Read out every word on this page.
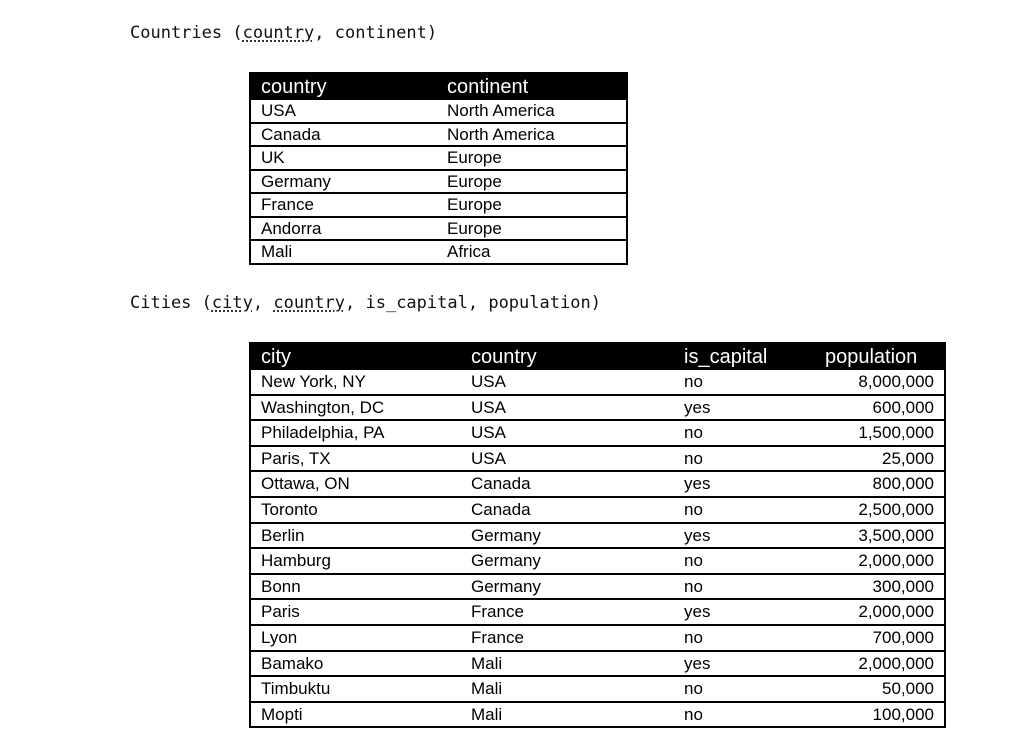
Countries (country, continent)
country	continent
USA	North America
Canada	North America
UK	Europe
Germany	Europe
France	Europe
Andorra	Europe
Mali	Africa
Cities (city, country, is_capital, population)
city	country	is_capital	population
New York, NY	USA	no	8,000,000
Washington, DC	USA	yes	600,000
Philadelphia, PA	USA	no	1,500,000
Paris, TX	USA	no	25,000
Ottawa, ON	Canada	yes	800,000
Toronto	Canada	no	2,500,000
Berlin	Germany	yes	3,500,000
Hamburg	Germany	no	2,000,000
Bonn	Germany	no	300,000
Paris	France	yes	2,000,000
Lyon	France	no	700,000
Bamako	Mali	yes	2,000,000
Timbuktu	Mali	no	50,000
Mopti	Mali	no	100,000
